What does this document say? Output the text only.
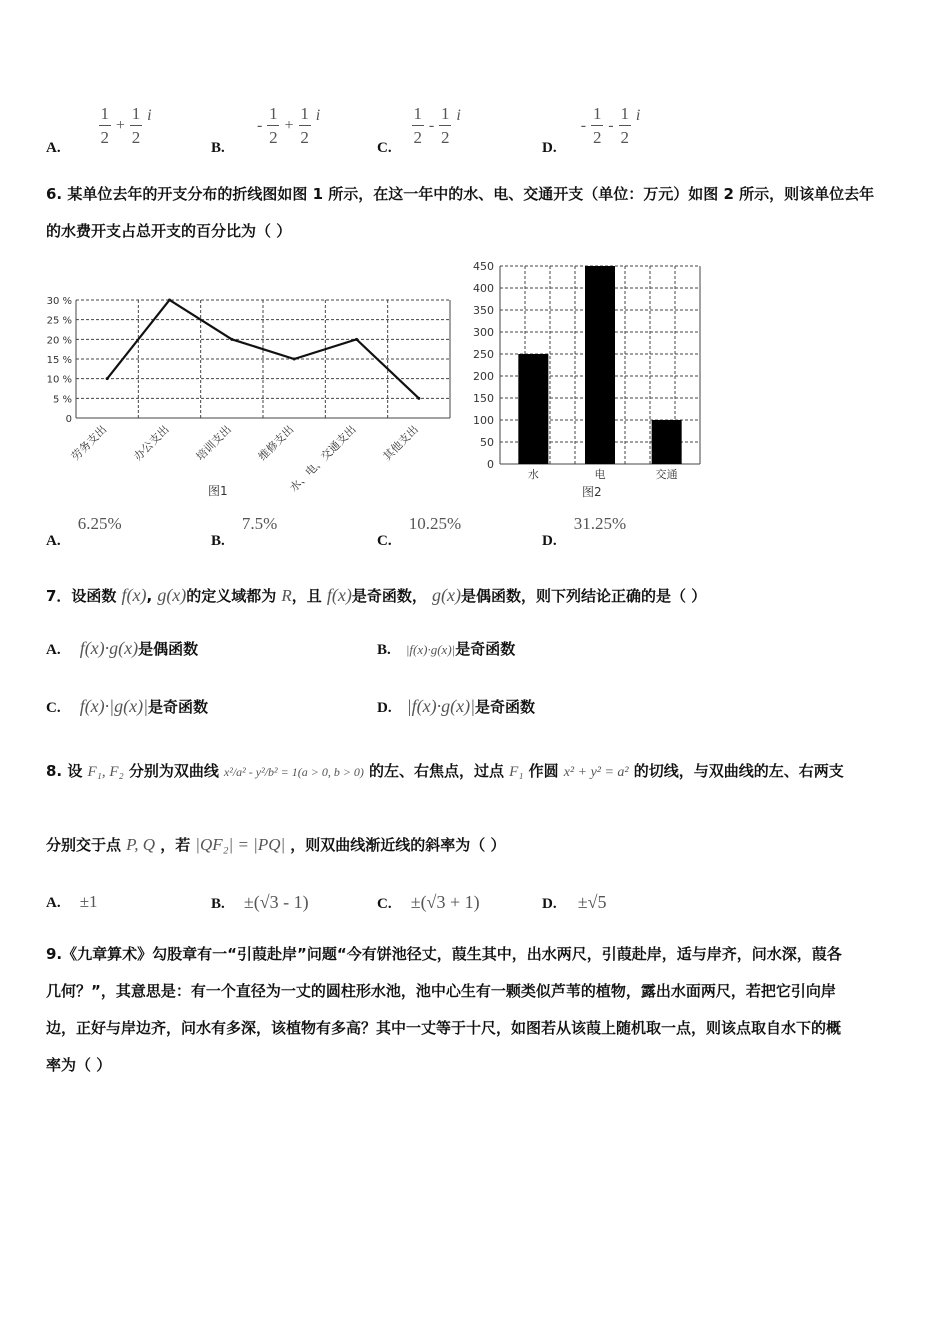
A.
$\frac{1}{2} + \frac{1}{2}$ i
B.  - $\frac{1}{2} + \frac{1}{2}$ i
C.
$\frac{1}{2} - \frac{1}{2}$ i
D.  - $\frac{1}{2} - \frac{1}{2}$ i
6. 某单位去年的开支分布的折线图如图 1 所示，在这一年中的水、电、交通开支（单位：万元）如图 2 所示，则该单位去年
的水费开支占总开支的百分比为（ ）
0
5 %
10 %
15 %
20 %
25 %
30 %
劳务支出 办公支出 培训支出 维修支出
水、电、交通支出 其他支出
图1
0
50
100
150
200
250
300
350
400
450
水	电	交通
图2
A. 6.25%
B. 7.5%
C. 10.25%
D. 31.25%
7．设函数 f(x), g(x)的定义域都为 R，且 f(x)是奇函数， g(x)是偶函数，则下列结论正确的是（ ）
A. f(x)·g(x)是偶函数	B. |f(x)·g(x)|是奇函数
C. f(x)·|g(x)|是奇函数	D. |f(x)·g(x)|是奇函数
8. 设 F₁, F₂ 分别为双曲线 x²/a² - y²/b² = 1(a > 0, b > 0) 的左、右焦点，过点 F₁ 作圆 x² + y² = a² 的切线，与双曲线的左、右两支
分别交于点 P, Q ，若 |QF₂| = |PQ| ，则双曲线渐近线的斜率为（ ）
A. ±1	B. ±(√3 - 1)	C. ±(√3 + 1)	D. ±√5
9.《九章算术》勾股章有一“引葭赴岸”问题“今有饼池径丈，葭生其中，出水两尺，引葭赴岸，适与岸齐，问水深，葭各
几何？”，其意思是：有一个直径为一丈的圆柱形水池，池中心生有一颗类似芦苇的植物，露出水面两尺，若把它引向岸
边，正好与岸边齐，问水有多深，该植物有多高？其中一丈等于十尺，如图若从该葭上随机取一点，则该点取自水下的概
率为（ ）
